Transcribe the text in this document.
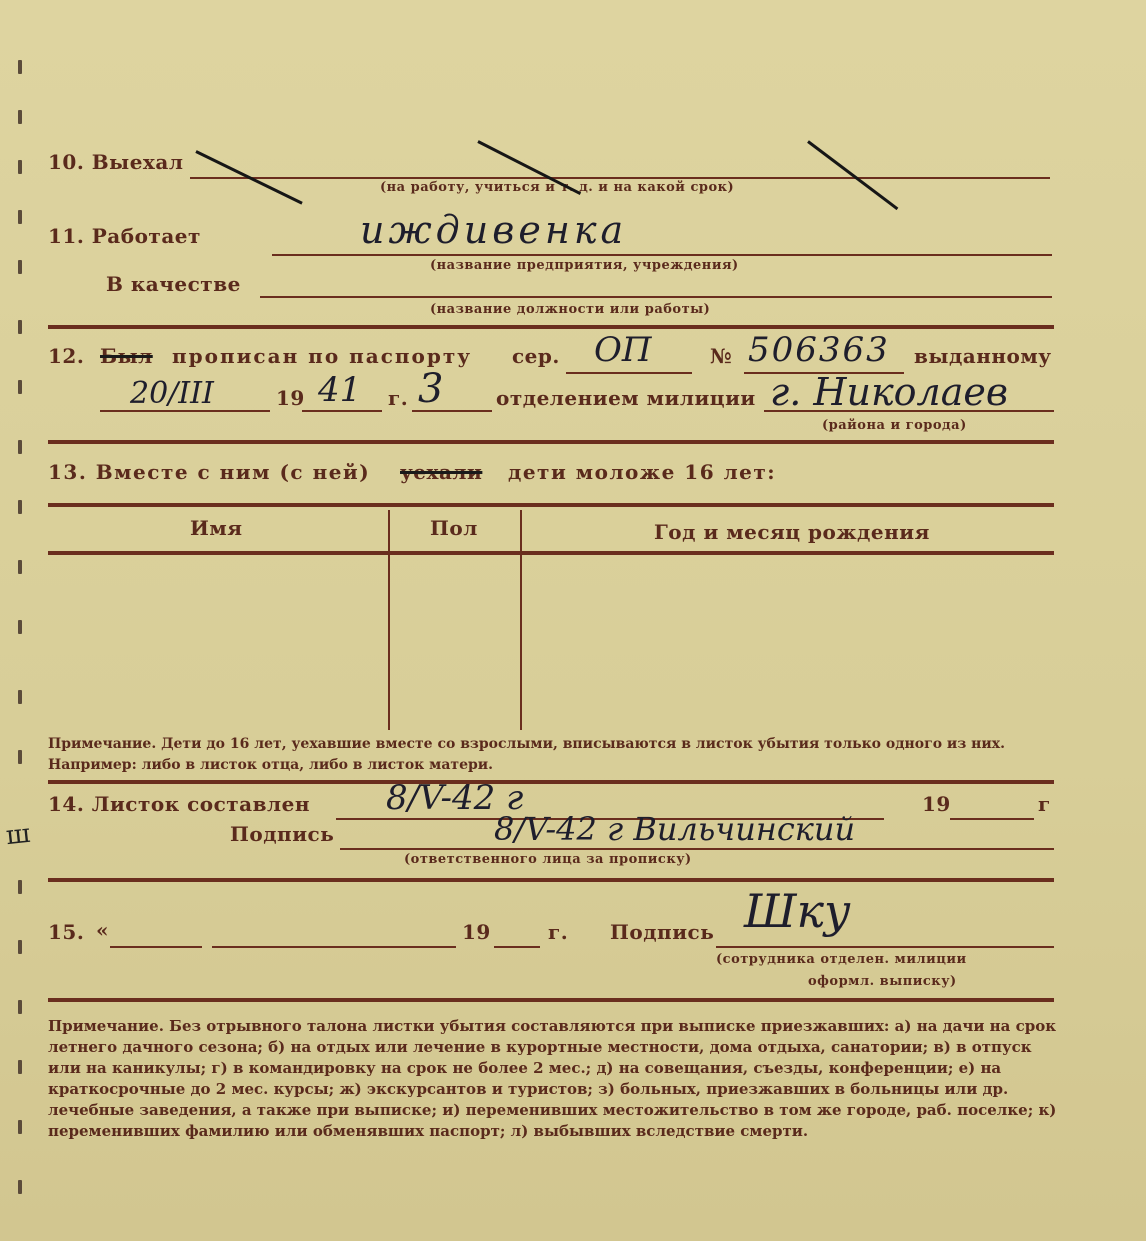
ш
10. Выехал
(на работу, учиться и т. д. и на какой срок)
11. Работает	иждивенка
(название предприятия, учреждения)
В качестве
(название должности или работы)
12. Был прописан по паспорту сер. ОП	№ 506363 выданному
20/III	19 41 г. 3	отделением милиции г. Николаев
(района и города)
13. Вместе с ним (с ней) уехали дети моложе 16 лет:
Имя	Пол	Год и месяц рождения
Примечание. Дети до 16 лет, уехавшие вместе со взрослыми, вписываются в листок убытия только одного из них. Например: либо в листок отца, либо в листок матери.
14. Листок составлен 8/V-42 г	19	г
Подпись	8/V-42 г Вильчинский
(ответственного лица за прописку)
15. «	19	г. Подпись Шку
(сотрудника отделен. милиции
оформл. выписку)
Примечание. Без отрывного талона листки убытия составляются при выписке приезжавших: а) на дачи на срок летнего дачного сезона; б) на отдых или лечение в курортные местности, дома отдыха, санатории; в) в отпуск или на каникулы; г) в командировку на срок не более 2 мес.; д) на совещания, съезды, конференции; е) на краткосрочные до 2 мес. курсы; ж) экскурсантов и туристов; з) больных, приезжавших в больницы или др. лечебные заведения, а также при выписке; и) переменивших местожительство в том же городе, раб. поселке; к) переменивших фамилию или обменявших паспорт; л) выбывших вследствие смерти.
